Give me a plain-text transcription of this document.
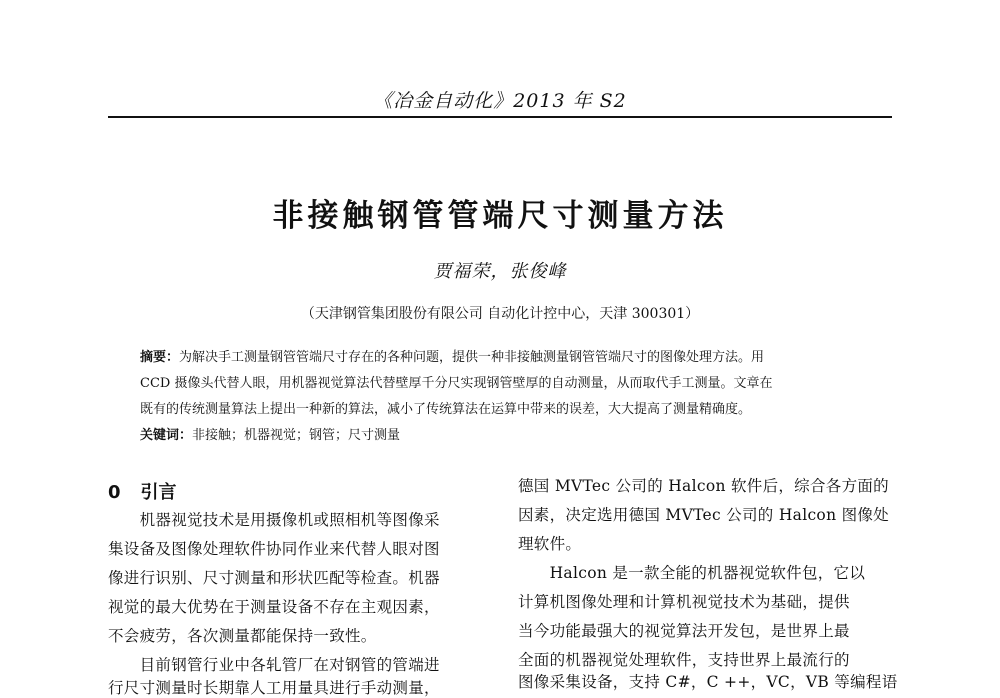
《冶金自动化》2013 年 S2
非接触钢管管端尺寸测量方法
贾福荣，张俊峰
（天津钢管集团股份有限公司 自动化计控中心，天津 300301）
摘要：为解决手工测量钢管管端尺寸存在的各种问题，提供一种非接触测量钢管管端尺寸的图像处理方法。用
CCD 摄像头代替人眼，用机器视觉算法代替壁厚千分尺实现钢管壁厚的自动测量，从而取代手工测量。文章在
既有的传统测量算法上提出一种新的算法，减小了传统算法在运算中带来的误差，大大提高了测量精确度。
关键词：非接触；机器视觉；钢管；尺寸测量
0 引言
　　机器视觉技术是用摄像机或照相机等图像采
集设备及图像处理软件协同作业来代替人眼对图
像进行识别、尺寸测量和形状匹配等检查。机器
视觉的最大优势在于测量设备不存在主观因素，
不会疲劳，各次测量都能保持一致性。
　　目前钢管行业中各轧管厂在对钢管的管端进
行尺寸测量时长期靠人工用量具进行手动测量，
德国 MVTec 公司的 Halcon 软件后，综合各方面的
因素，决定选用德国 MVTec 公司的 Halcon 图像处
理软件。
　　Halcon 是一款全能的机器视觉软件包，它以
计算机图像处理和计算机视觉技术为基础，提供
当今功能最强大的视觉算法开发包，是世界上最
全面的机器视觉处理软件，支持世界上最流行的
图像采集设备，支持 C#，C ++，VC，VB 等编程语
